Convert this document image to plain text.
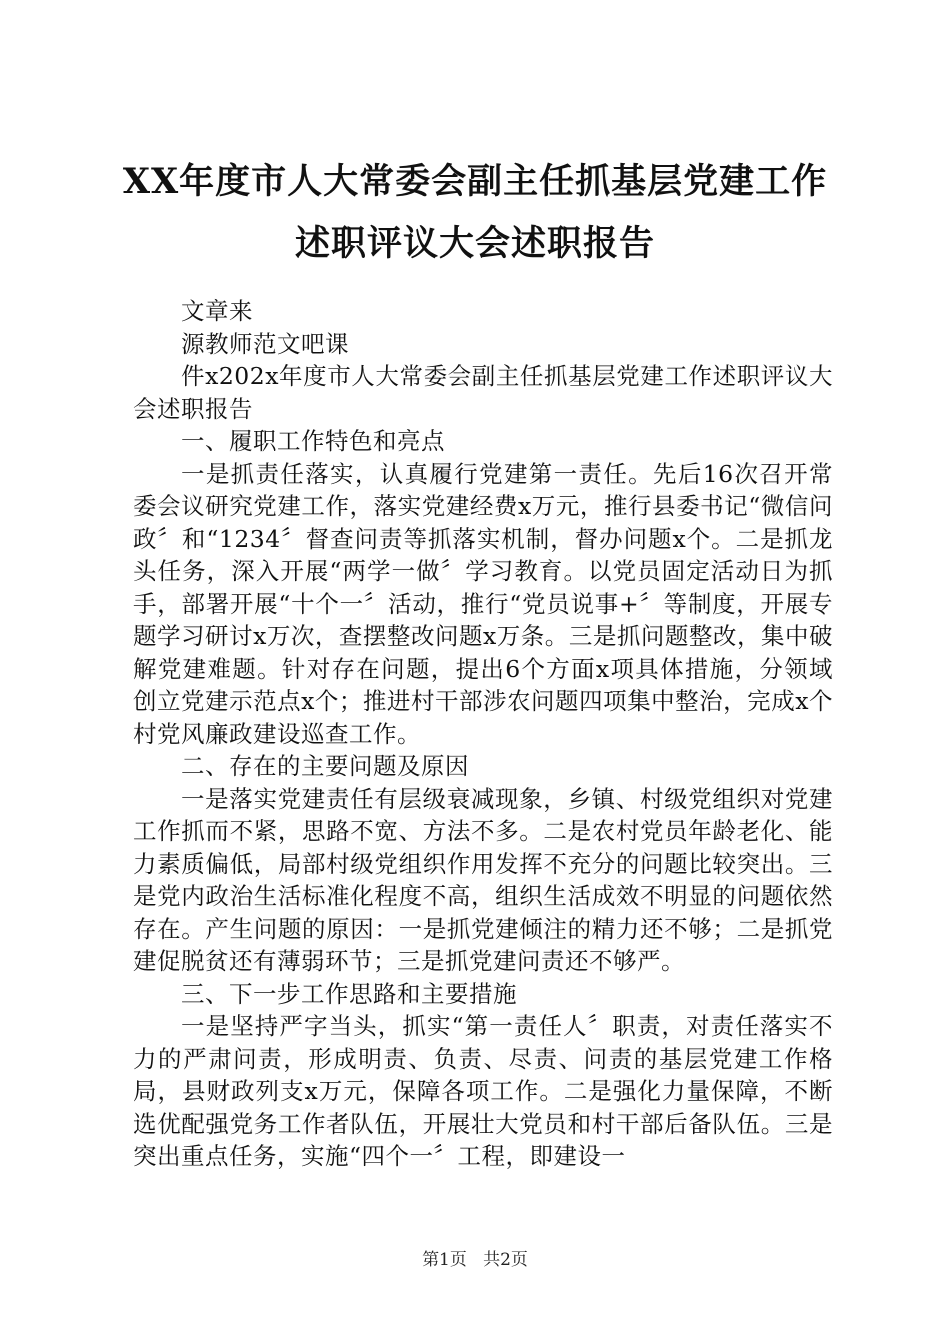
XX年度市人大常委会副主任抓基层党建工作
述职评议大会述职报告

文章来

源教师范文吧课

件x202x年度市人大常委会副主任抓基层党建工作述职评议大会述职报告

一、履职工作特色和亮点

一是抓责任落实，认真履行党建第一责任。先后16次召开常委会议研究党建工作，落实党建经费x万元，推行县委书记“微信问政〞和“1234〞督查问责等抓落实机制，督办问题x个。二是抓龙头任务，深入开展“两学一做〞学习教育。以党员固定活动日为抓手，部署开展“十个一〞活动，推行“党员说事+〞等制度，开展专题学习研讨x万次，查摆整改问题x万条。三是抓问题整改，集中破解党建难题。针对存在问题，提出6个方面x项具体措施，分领域创立党建示范点x个；推进村干部涉农问题四项集中整治，完成x个村党风廉政建设巡查工作。

二、存在的主要问题及原因

一是落实党建责任有层级衰减现象，乡镇、村级党组织对党建工作抓而不紧，思路不宽、方法不多。二是农村党员年龄老化、能力素质偏低，局部村级党组织作用发挥不充分的问题比较突出。三是党内政治生活标准化程度不高，组织生活成效不明显的问题依然存在。产生问题的原因：一是抓党建倾注的精力还不够；二是抓党建促脱贫还有薄弱环节；三是抓党建问责还不够严。

三、下一步工作思路和主要措施

一是坚持严字当头，抓实“第一责任人〞职责，对责任落实不力的严肃问责，形成明责、负责、尽责、问责的基层党建工作格局，县财政列支x万元，保障各项工作。二是强化力量保障，不断选优配强党务工作者队伍，开展壮大党员和村干部后备队伍。三是突出重点任务，实施“四个一〞工程，即建设一

第1页 共2页
